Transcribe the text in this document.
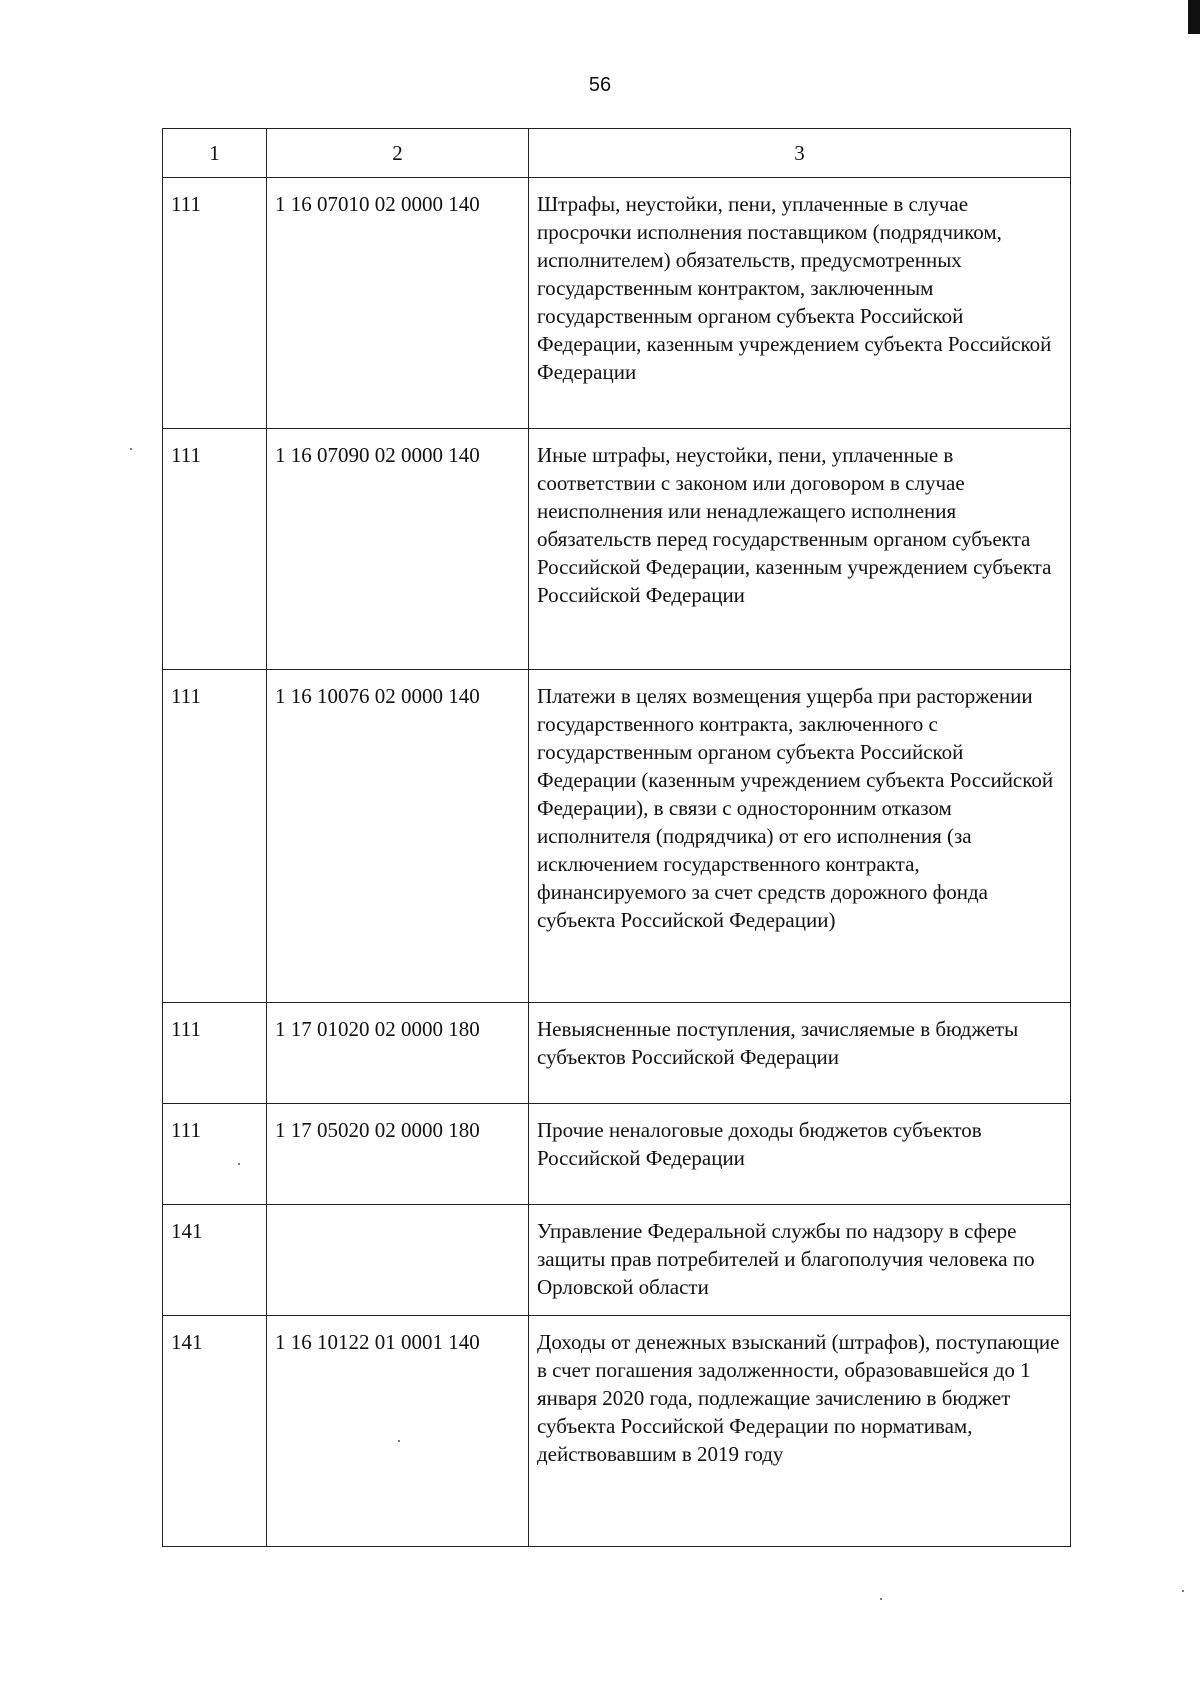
56
1	2	3
111	1 16 07010 02 0000 140	Штрафы, неустойки, пени, уплаченные в случае просрочки исполнения поставщиком (подрядчиком, исполнителем) обязательств, предусмотренных государственным контрактом, заключенным государственным органом субъекта Российской Федерации, казенным учреждением субъекта Российской Федерации
111	1 16 07090 02 0000 140	Иные штрафы, неустойки, пени, уплаченные в соответствии с законом или договором в случае неисполнения или ненадлежащего исполнения обязательств перед государственным органом субъекта Российской Федерации, казенным учреждением субъекта Российской Федерации
111	1 16 10076 02 0000 140	Платежи в целях возмещения ущерба при расторжении государственного контракта, заключенного с государственным органом субъекта Российской Федерации (казенным учреждением субъекта Российской Федерации), в связи с односторонним отказом исполнителя (подрядчика) от его исполнения (за исключением государственного контракта, финансируемого за счет средств дорожного фонда субъекта Российской Федерации)
111	1 17 01020 02 0000 180	Невыясненные поступления, зачисляемые в бюджеты субъектов Российской Федерации
111	1 17 05020 02 0000 180	Прочие неналоговые доходы бюджетов субъектов Российской Федерации
141		Управление Федеральной службы по надзору в сфере защиты прав потребителей и благополучия человека по Орловской области
141	1 16 10122 01 0001 140	Доходы от денежных взысканий (штрафов), поступающие в счет погашения задолженности, образовавшейся до 1 января 2020 года, подлежащие зачислению в бюджет субъекта Российской Федерации по нормативам, действовавшим в 2019 году
